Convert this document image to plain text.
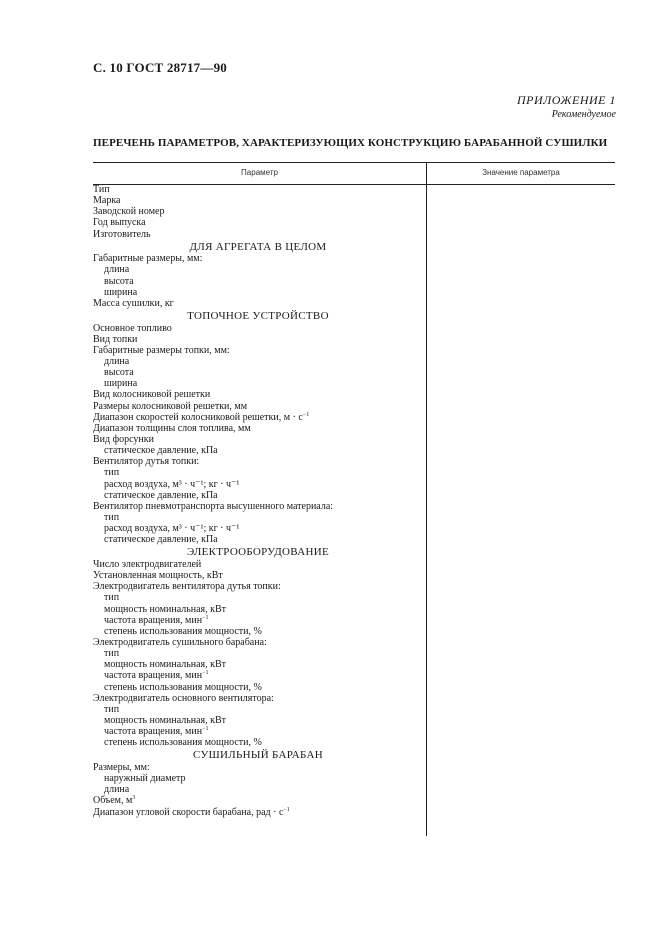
С. 10 ГОСТ 28717—90
ПРИЛОЖЕНИЕ 1
Рекомендуемое
ПЕРЕЧЕНЬ ПАРАМЕТРОВ, ХАРАКТЕРИЗУЮЩИХ КОНСТРУКЦИЮ БАРАБАННОЙ СУШИЛКИ
Параметр	Значение параметра
Тип
Марка
Заводской номер
Год выпуска
Изготовитель
ДЛЯ АГРЕГАТА В ЦЕЛОМ
Габаритные размеры, мм:
длина
высота
ширина
Масса сушилки, кг
ТОПОЧНОЕ УСТРОЙСТВО
Основное топливо
Вид топки
Габаритные размеры топки, мм:
длина
высота
ширина
Вид колосниковой решетки
Размеры колосниковой решетки, мм
Диапазон скоростей колосниковой решетки, $м \cdot с^{-1}$
Диапазон толщины слоя топлива, мм
Вид форсунки
статическое давление, кПа
Вентилятор дутья топки:
тип
расход воздуха, м³ · ч⁻¹; кг · ч⁻¹
статическое давление, кПа
Вентилятор пневмотранспорта высушенного материала:
тип
расход воздуха, м³ · ч⁻¹; кг · ч⁻¹
статическое давление, кПа
ЭЛЕКТРООБОРУДОВАНИЕ
Число электродвигателей
Установленная мощность, кВт
Электродвигатель вентилятора дутья топки:
тип
мощность номинальная, кВт
частота вращения, мин$^{-1}$
степень использования мощности, %
Электродвигатель сушильного барабана:
тип
мощность номинальная, кВт
частота вращения, мин$^{-1}$
степень использования мощности, %
Электродвигатель основного вентилятора:
тип
мощность номинальная, кВт
частота вращения, мин$^{-1}$
степень использования мощности, %
СУШИЛЬНЫЙ БАРАБАН
Размеры, мм:
наружный диаметр
длина
Объем, $м^3$
Диапазон угловой скорости барабана, рад · $с^{-1}$
